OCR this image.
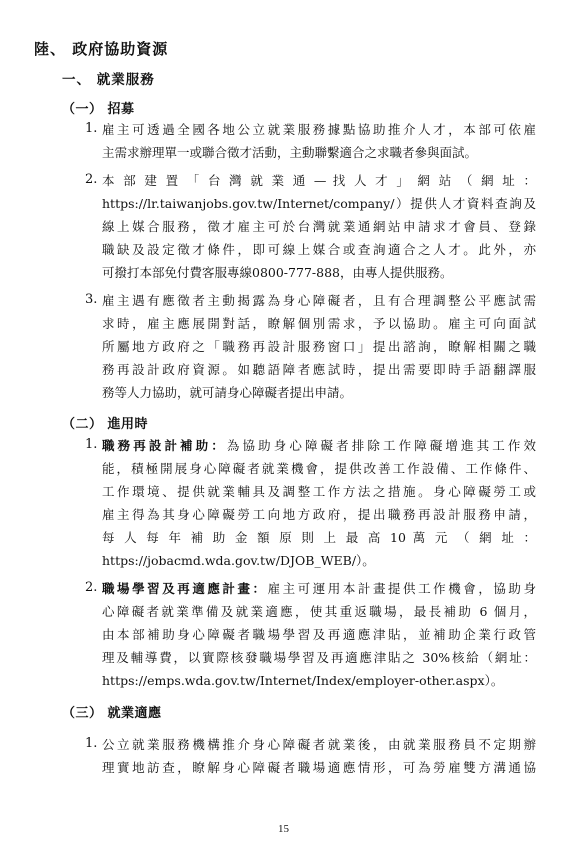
陸、 政府協助資源
一、 就業服務
（一） 招募
1. 雇主可透過全國各地公立就業服務據點協助推介人才，本部可依雇
主需求辦理單一或聯合徵才活動，主動聯繫適合之求職者參與面試。
2. 本 部 建 置 「 台 灣 就 業 通 — 找 人 才 」 網 站 （ 網 址 ：
https://lr.taiwanjobs.gov.tw/Internet/company/）提供人才資料查詢及
線上媒合服務，徵才雇主可於台灣就業通網站申請求才會員、登錄
職缺及設定徵才條件，即可線上媒合或查詢適合之人才。此外，亦
可撥打本部免付費客服專線0800-777-888，由專人提供服務。
3. 雇主遇有應徵者主動揭露為身心障礙者，且有合理調整公平應試需
求時，雇主應展開對話，瞭解個別需求，予以協助。雇主可向面試
所屬地方政府之「職務再設計服務窗口」提出諮詢，瞭解相關之職
務再設計政府資源。如聽語障者應試時，提出需要即時手語翻譯服
務等人力協助，就可請身心障礙者提出申請。
（二） 進用時
1. 職務再設計補助：為協助身心障礙者排除工作障礙增進其工作效
能，積極開展身心障礙者就業機會，提供改善工作設備、工作條件、
工作環境、提供就業輔具及調整工作方法之措施。身心障礙勞工或
雇主得為其身心障礙勞工向地方政府，提出職務再設計服務申請，
每 人 每 年 補 助 金 額 原 則 上 最 高 10 萬 元 （ 網 址 ：
https://jobacmd.wda.gov.tw/DJOB_WEB/）。
2. 職場學習及再適應計畫：雇主可運用本計畫提供工作機會，協助身
心障礙者就業準備及就業適應，使其重返職場，最長補助 6 個月，
由本部補助身心障礙者職場學習及再適應津貼，並補助企業行政管
理及輔導費，以實際核發職場學習及再適應津貼之 30%核給（網址：
https://emps.wda.gov.tw/Internet/Index/employer-other.aspx）。
（三） 就業適應
1. 公立就業服務機構推介身心障礙者就業後，由就業服務員不定期辦
理實地訪查，瞭解身心障礙者職場適應情形，可為勞雇雙方溝通協
15
